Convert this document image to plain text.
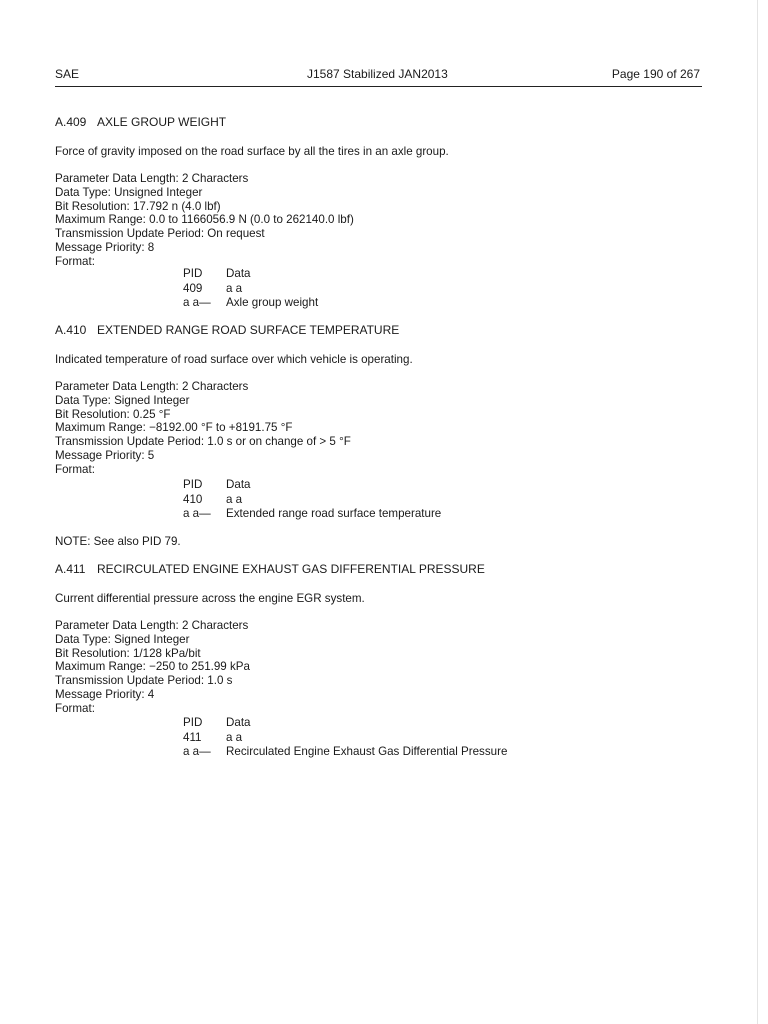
SAE	J1587 Stabilized JAN2013	Page 190 of 267
A.409 AXLE GROUP WEIGHT
Force of gravity imposed on the road surface by all the tires in an axle group.
Parameter Data Length: 2 Characters
Data Type: Unsigned Integer
Bit Resolution: 17.792 n (4.0 lbf)
Maximum Range: 0.0 to 1166056.9 N (0.0 to 262140.0 lbf)
Transmission Update Period: On request
Message Priority: 8
Format:
PID	Data
409	a a
a a—	Axle group weight
A.410 EXTENDED RANGE ROAD SURFACE TEMPERATURE
Indicated temperature of road surface over which vehicle is operating.
Parameter Data Length: 2 Characters
Data Type: Signed Integer
Bit Resolution: 0.25 °F
Maximum Range: −8192.00 °F to +8191.75 °F
Transmission Update Period: 1.0 s or on change of > 5 °F
Message Priority: 5
Format:
PID	Data
410	a a
a a—	Extended range road surface temperature
NOTE: See also PID 79.
A.411 RECIRCULATED ENGINE EXHAUST GAS DIFFERENTIAL PRESSURE
Current differential pressure across the engine EGR system.
Parameter Data Length: 2 Characters
Data Type: Signed Integer
Bit Resolution: 1/128 kPa/bit
Maximum Range: −250 to 251.99 kPa
Transmission Update Period: 1.0 s
Message Priority: 4
Format:
PID	Data
411	a a
a a—	Recirculated Engine Exhaust Gas Differential Pressure
